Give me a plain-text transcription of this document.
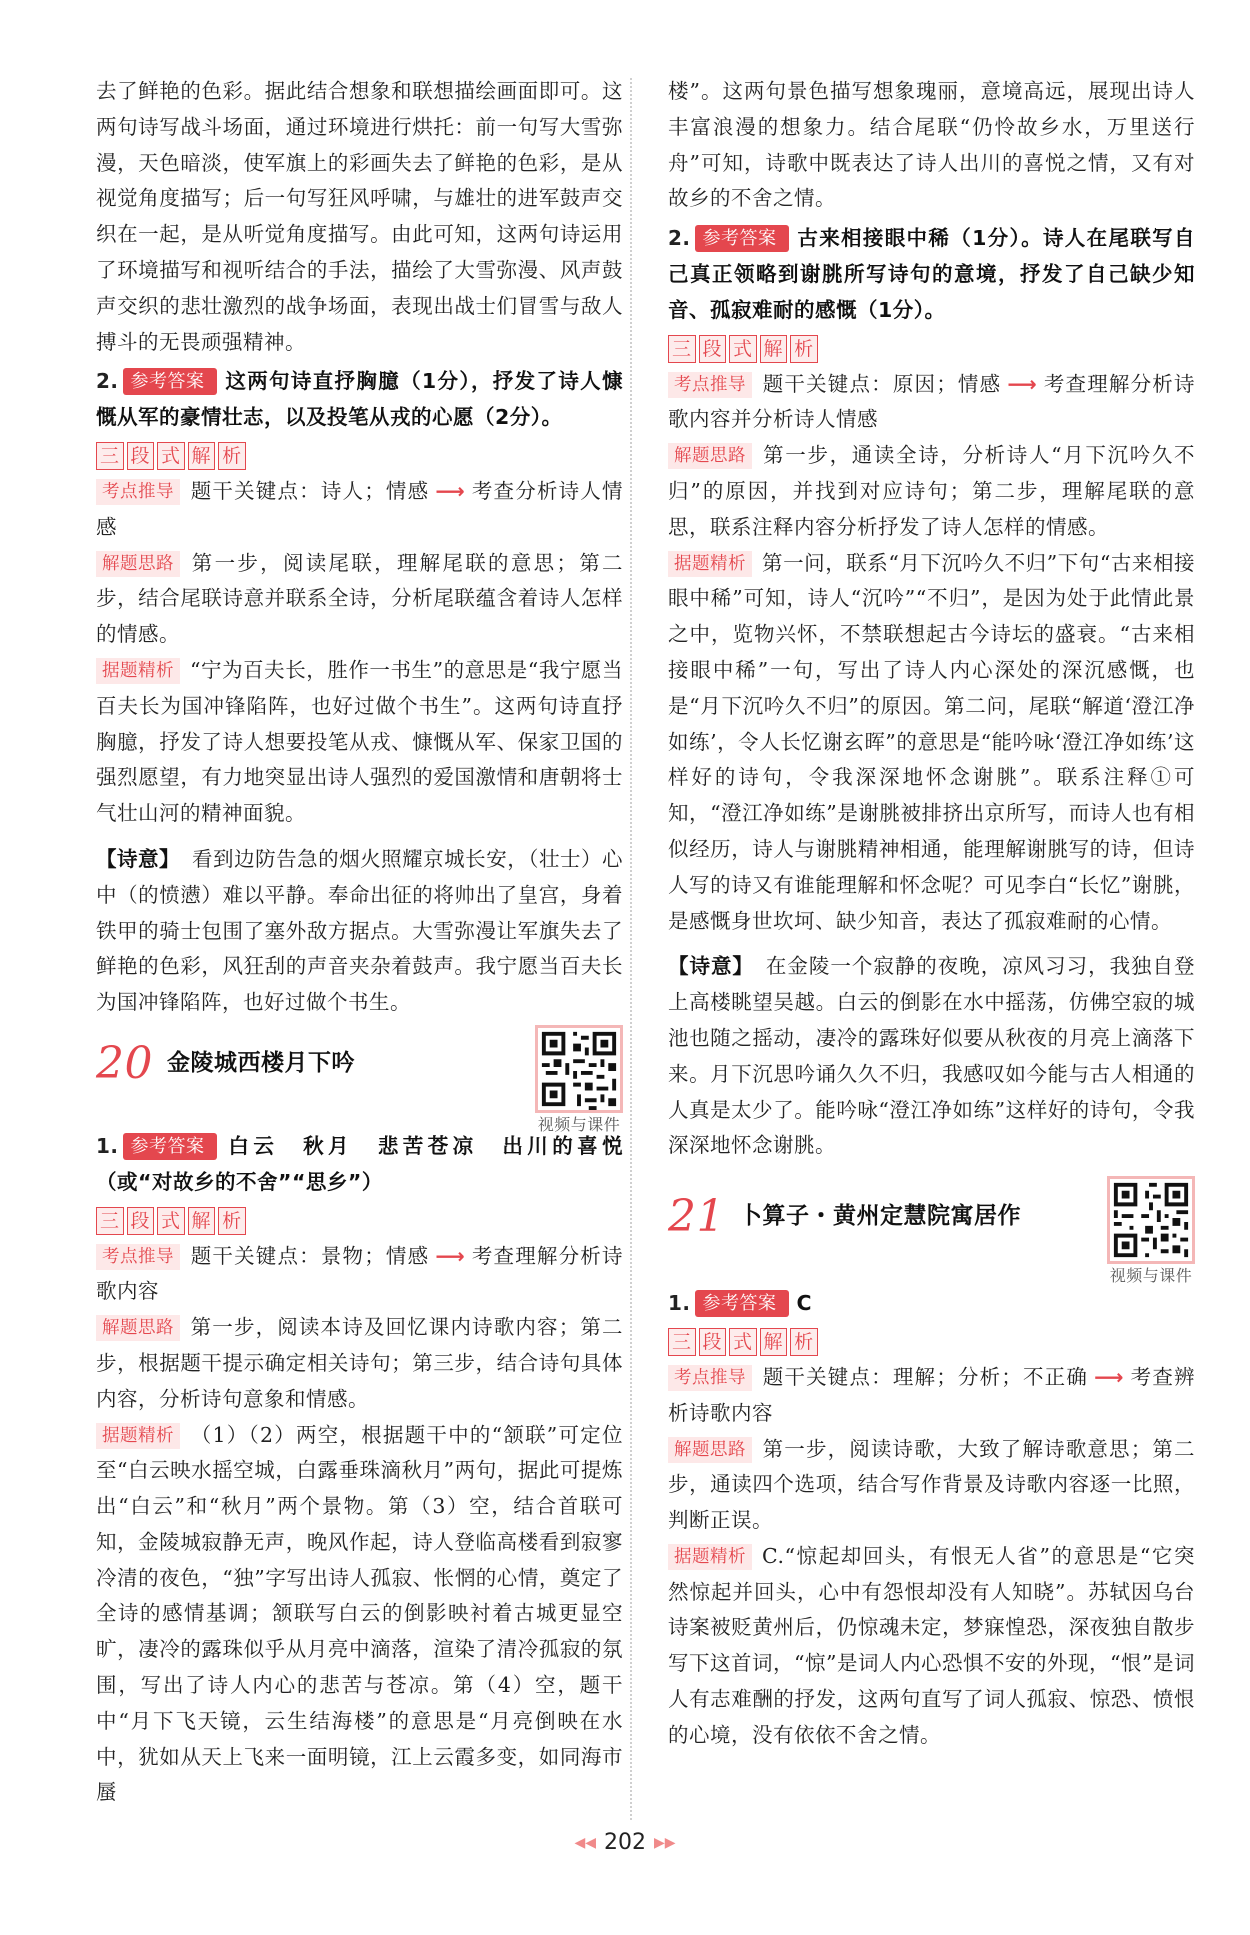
去了鲜艳的色彩。据此结合想象和联想描绘画面即可。这两句诗写战斗场面，通过环境进行烘托：前一句写大雪弥漫，天色暗淡，使军旗上的彩画失去了鲜艳的色彩，是从视觉角度描写；后一句写狂风呼啸，与雄壮的进军鼓声交织在一起，是从听觉角度描写。由此可知，这两句诗运用了环境描写和视听结合的手法，描绘了大雪弥漫、风声鼓声交织的悲壮激烈的战争场面，表现出战士们冒雪与敌人搏斗的无畏顽强精神。

2. 参考答案 这两句诗直抒胸臆（1分），抒发了诗人慷慨从军的豪情壮志，以及投笔从戎的心愿（2分）。

三 段 式 解 析

考点推导 题干关键点：诗人；情感 ⟶ 考查分析诗人情感

解题思路 第一步，阅读尾联，理解尾联的意思；第二步，结合尾联诗意并联系全诗，分析尾联蕴含着诗人怎样的情感。

据题精析 “宁为百夫长，胜作一书生”的意思是“我宁愿当百夫长为国冲锋陷阵，也好过做个书生”。这两句诗直抒胸臆，抒发了诗人想要投笔从戎、慷慨从军、保家卫国的强烈愿望，有力地突显出诗人强烈的爱国激情和唐朝将士气壮山河的精神面貌。

【诗意】 看到边防告急的烟火照耀京城长安，（壮士）心中（的愤懑）难以平静。奉命出征的将帅出了皇宫，身着铁甲的骑士包围了塞外敌方据点。大雪弥漫让军旗失去了鲜艳的色彩，风狂刮的声音夹杂着鼓声。我宁愿当百夫长为国冲锋陷阵，也好过做个书生。

20 金陵城西楼月下吟
视频与课件

1. 参考答案 白云　秋月　悲苦苍凉　出川的喜悦（或“对故乡的不舍”“思乡”）

三 段 式 解 析

考点推导 题干关键点：景物；情感 ⟶ 考查理解分析诗歌内容

解题思路 第一步，阅读本诗及回忆课内诗歌内容；第二步，根据题干提示确定相关诗句；第三步，结合诗句具体内容，分析诗句意象和情感。

据题精析 （1）（2）两空，根据题干中的“颔联”可定位至“白云映水摇空城，白露垂珠滴秋月”两句，据此可提炼出“白云”和“秋月”两个景物。第（3）空，结合首联可知，金陵城寂静无声，晚风作起，诗人登临高楼看到寂寥冷清的夜色，“独”字写出诗人孤寂、怅惘的心情，奠定了全诗的感情基调；颔联写白云的倒影映衬着古城更显空旷，凄冷的露珠似乎从月亮中滴落，渲染了清冷孤寂的氛围，写出了诗人内心的悲苦与苍凉。第（4）空，题干中“月下飞天镜，云生结海楼”的意思是“月亮倒映在水中，犹如从天上飞来一面明镜，江上云霞多变，如同海市蜃

楼”。这两句景色描写想象瑰丽，意境高远，展现出诗人丰富浪漫的想象力。结合尾联“仍怜故乡水，万里送行舟”可知，诗歌中既表达了诗人出川的喜悦之情，又有对故乡的不舍之情。

2. 参考答案 古来相接眼中稀（1分）。诗人在尾联写自己真正领略到谢朓所写诗句的意境，抒发了自己缺少知音、孤寂难耐的感慨（1分）。

三 段 式 解 析

考点推导 题干关键点：原因；情感 ⟶ 考查理解分析诗歌内容并分析诗人情感

解题思路 第一步，通读全诗，分析诗人“月下沉吟久不归”的原因，并找到对应诗句；第二步，理解尾联的意思，联系注释内容分析抒发了诗人怎样的情感。

据题精析 第一问，联系“月下沉吟久不归”下句“古来相接眼中稀”可知，诗人“沉吟”“不归”，是因为处于此情此景之中，览物兴怀，不禁联想起古今诗坛的盛衰。“古来相接眼中稀”一句，写出了诗人内心深处的深沉感慨，也是“月下沉吟久不归”的原因。第二问，尾联“解道‘澄江净如练’，令人长忆谢玄晖”的意思是“能吟咏‘澄江净如练’这样好的诗句，令我深深地怀念谢朓”。联系注释①可知，“澄江净如练”是谢朓被排挤出京所写，而诗人也有相似经历，诗人与谢朓精神相通，能理解谢朓写的诗，但诗人写的诗又有谁能理解和怀念呢？可见李白“长忆”谢朓，是感慨身世坎坷、缺少知音，表达了孤寂难耐的心情。

【诗意】 在金陵一个寂静的夜晚，凉风习习，我独自登上高楼眺望吴越。白云的倒影在水中摇荡，仿佛空寂的城池也随之摇动，凄冷的露珠好似要从秋夜的月亮上滴落下来。月下沉思吟诵久久不归，我感叹如今能与古人相通的人真是太少了。能吟咏“澄江净如练”这样好的诗句，令我深深地怀念谢朓。

21 卜算子・黄州定慧院寓居作
视频与课件

1. 参考答案 C

三 段 式 解 析

考点推导 题干关键点：理解；分析；不正确 ⟶ 考查辨析诗歌内容

解题思路 第一步，阅读诗歌，大致了解诗歌意思；第二步，通读四个选项，结合写作背景及诗歌内容逐一比照，判断正误。

据题精析 C.“惊起却回头，有恨无人省”的意思是“它突然惊起并回头，心中有怨恨却没有人知晓”。苏轼因乌台诗案被贬黄州后，仍惊魂未定，梦寐惶恐，深夜独自散步写下这首词，“惊”是词人内心恐惧不安的外现，“恨”是词人有志难酬的抒发，这两句直写了词人孤寂、惊恐、愤恨的心境，没有依依不舍之情。

◀◀ 202 ▶▶
